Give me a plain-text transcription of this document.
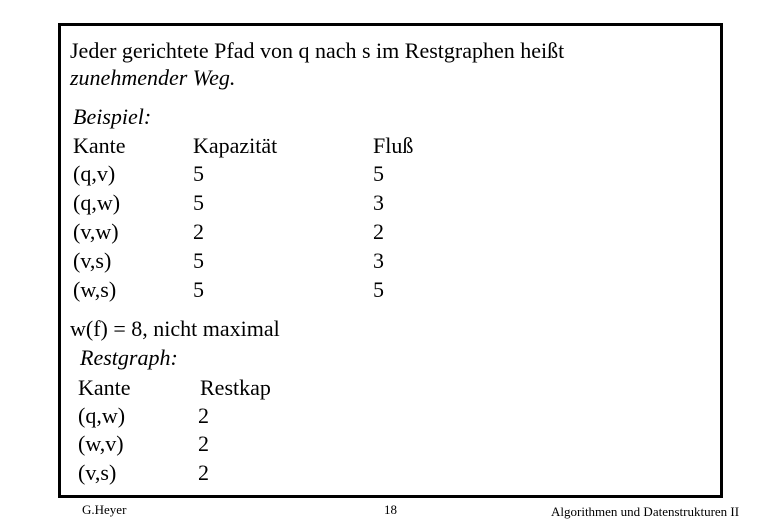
Jeder gerichtete Pfad von q nach s im Restgraphen heißt
zunehmender Weg.
Beispiel:
Kante	Kapazität	Fluß
(q,v)	5	5
(q,w)	5	3
(v,w)	2	2
(v,s)	5	3
(w,s)	5	5
w(f) = 8, nicht maximal
Restgraph:
Kante	Restkap
(q,w)	2
(w,v)	2
(v,s)	2
G.Heyer	18	Algorithmen und Datenstrukturen II
